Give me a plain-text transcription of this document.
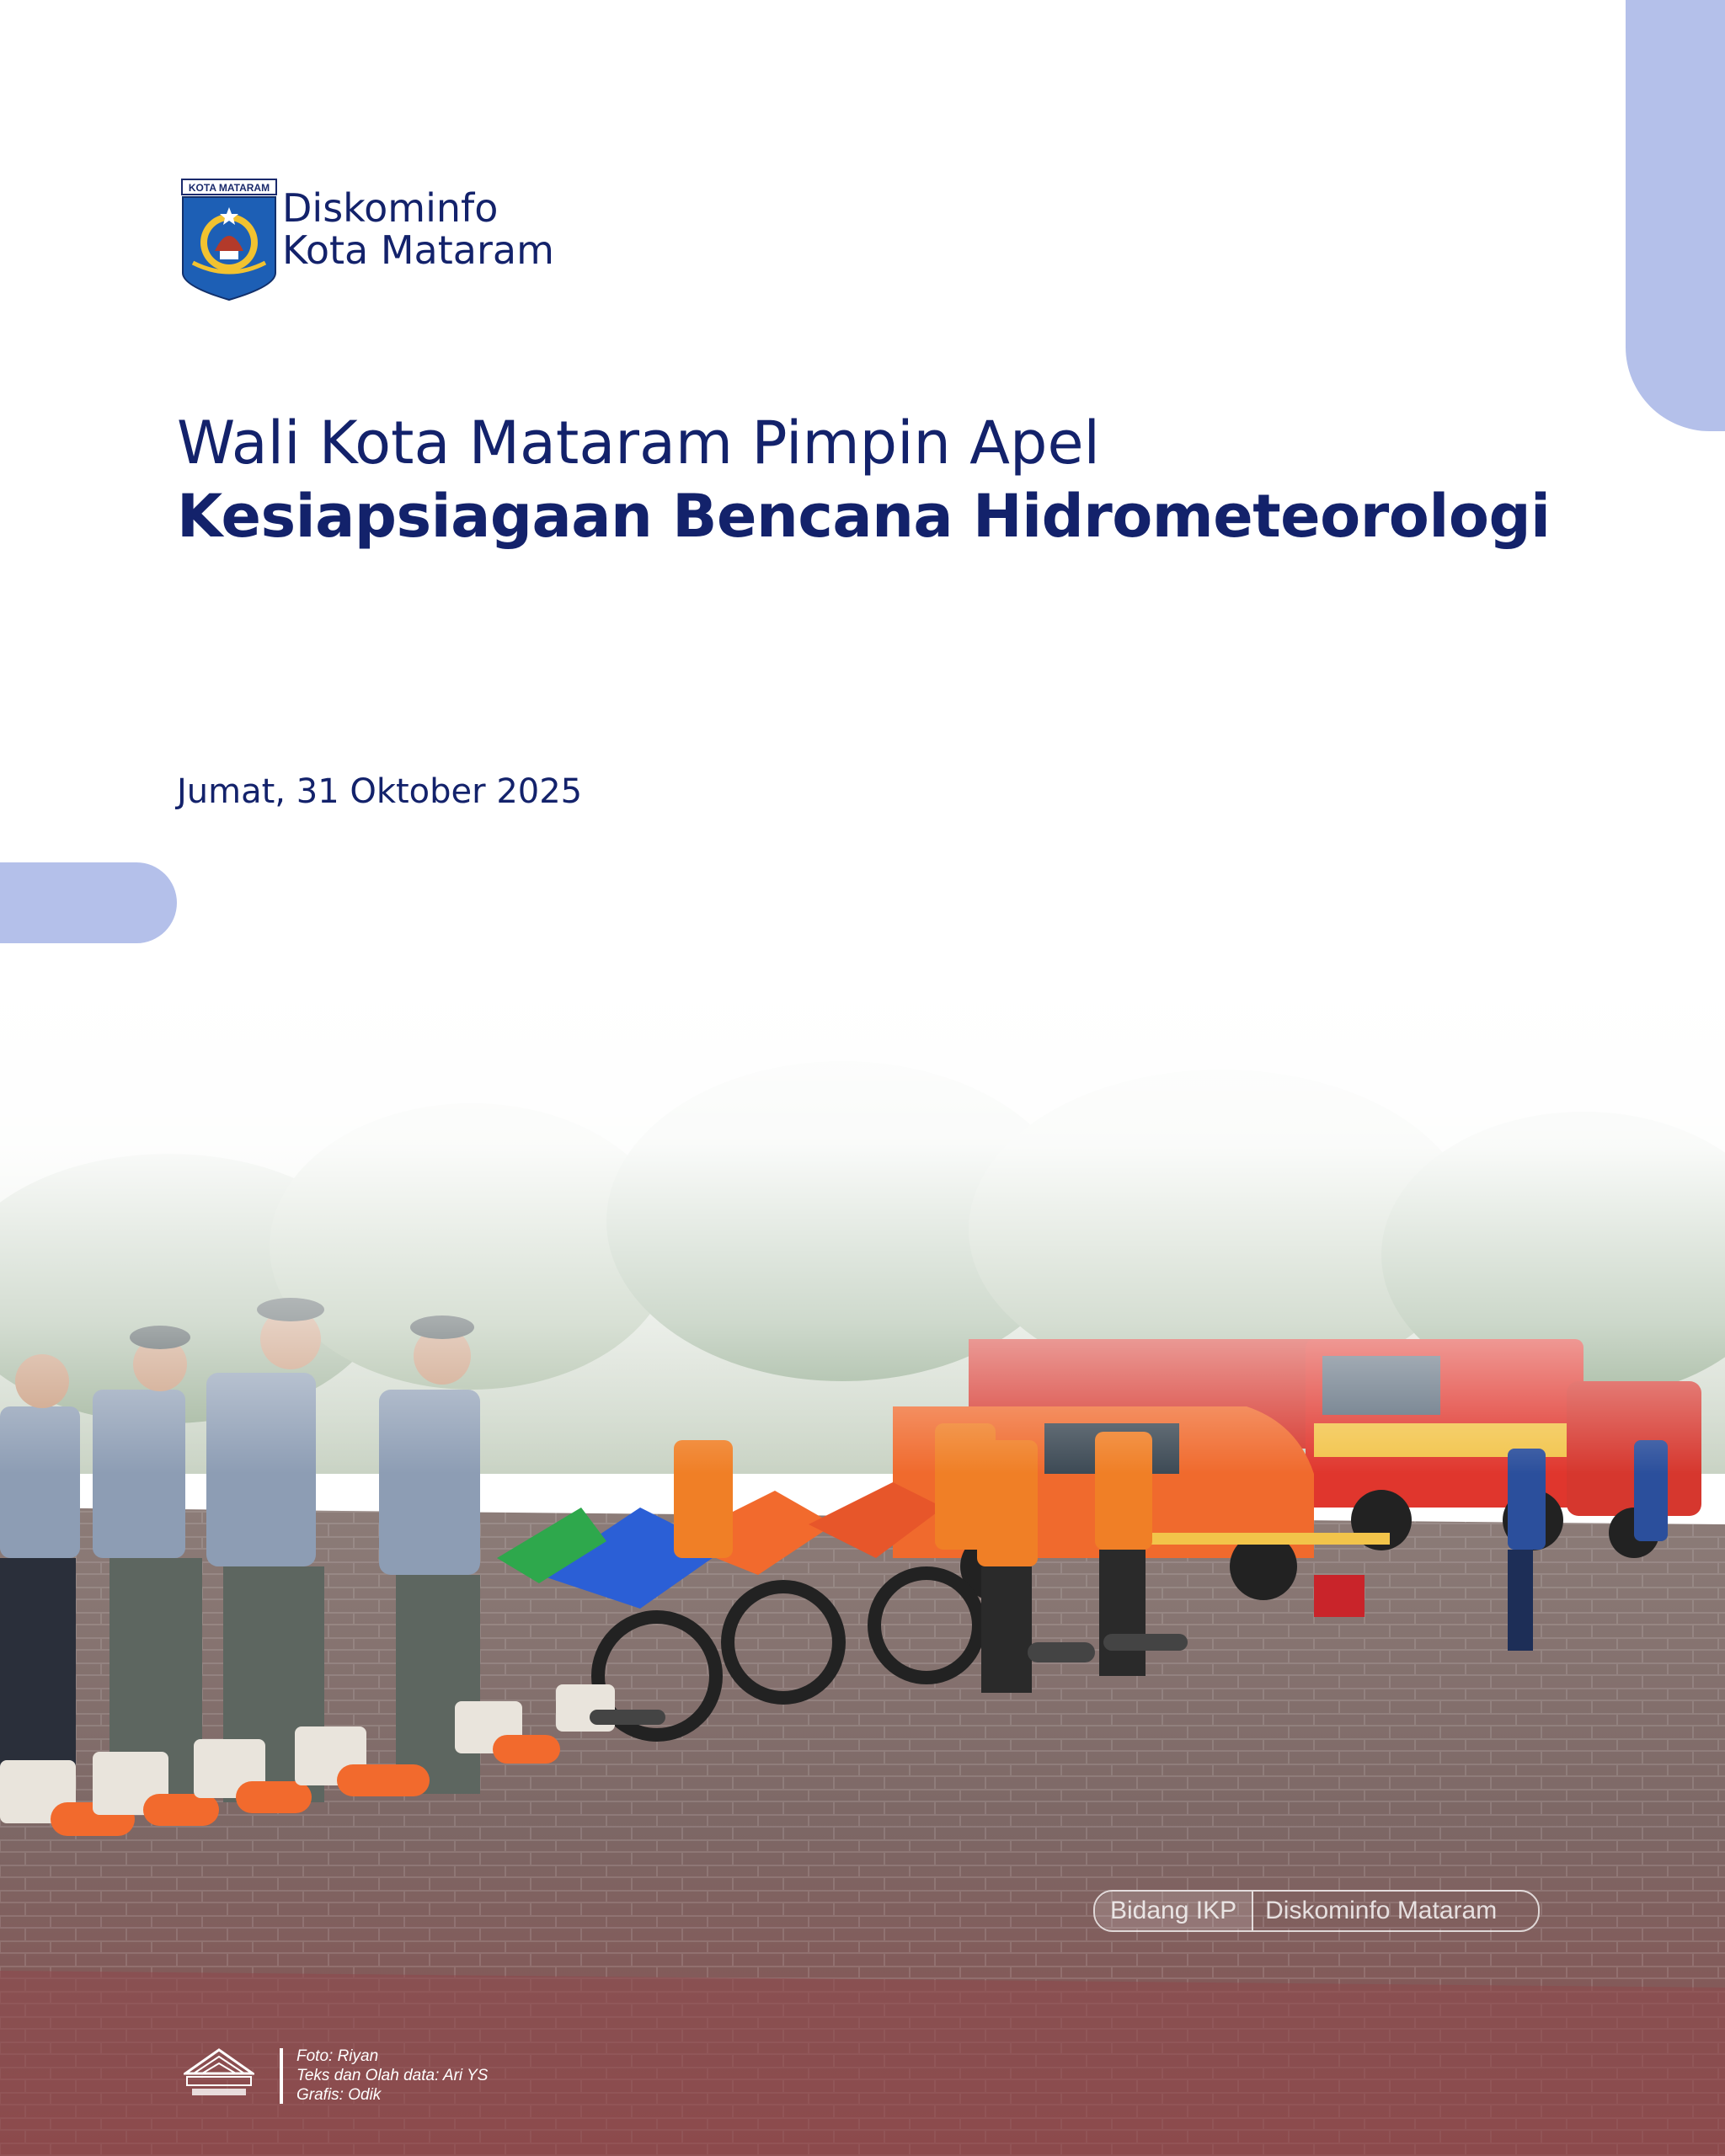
KOTA MATARAM Diskominfo
Kota Mataram
Wali Kota Mataram Pimpin Apel
Kesiapsiagaan Bencana Hidrometeorologi
Jumat, 31 Oktober 2025
Bidang IKP	Diskominfo Mataram
Foto: Riyan
Teks dan Olah data: Ari YS
Grafis: Odik
